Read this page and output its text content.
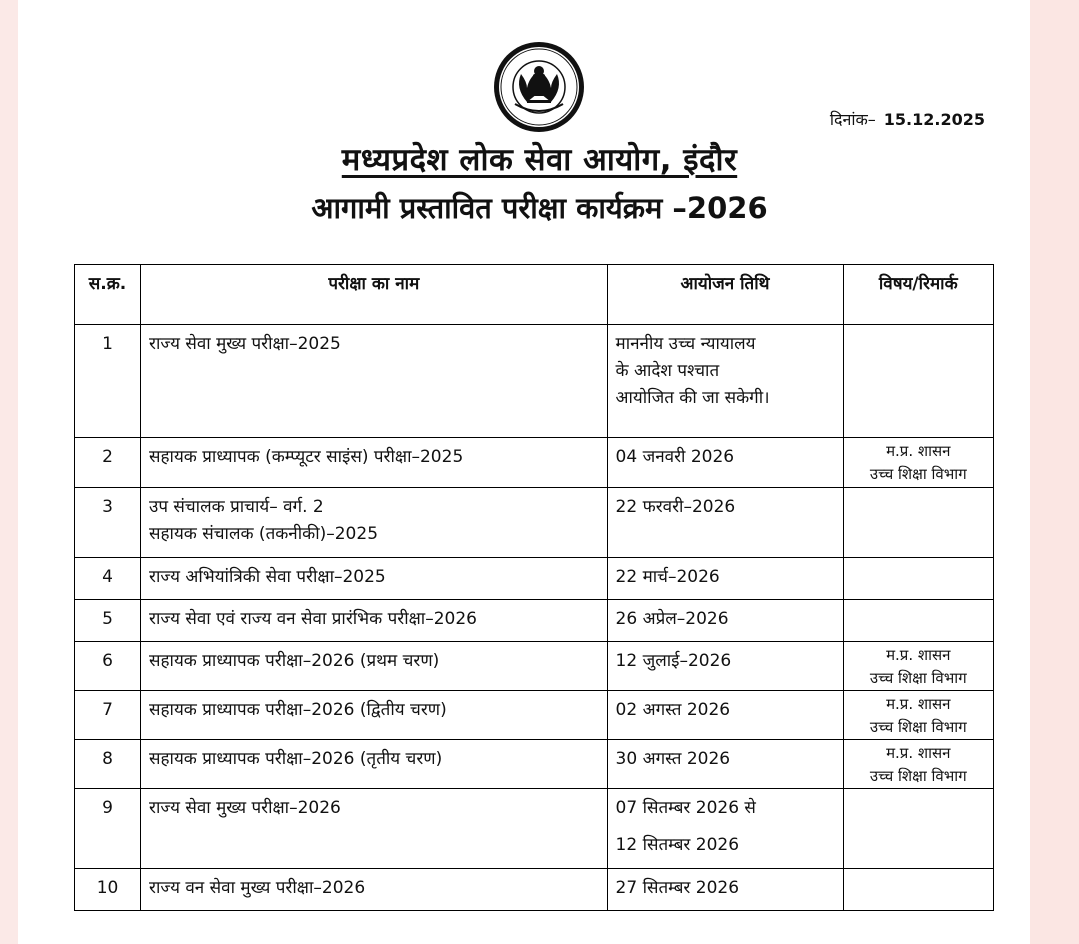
दिनांक– 15.12.2025
मध्यप्रदेश लोक सेवा आयोग, इंदौर
आगामी प्रस्तावित परीक्षा कार्यक्रम –2026
स.क्र.	परीक्षा का नाम	आयोजन तिथि	विषय/रिमार्क
1	राज्य सेवा मुख्य परीक्षा–2025	माननीय उच्च न्यायालय
के आदेश पश्चात
आयोजित की जा सकेगी।	

2	सहायक प्राध्यापक (कम्प्यूटर साइंस) परीक्षा–2025	04 जनवरी 2026	म.प्र. शासन
उच्च शिक्षा विभाग

3	उप संचालक प्राचार्य– वर्ग. 2
सहायक संचालक (तकनीकी)–2025	22 फरवरी–2026	

4	राज्य अभियांत्रिकी सेवा परीक्षा–2025	22 मार्च–2026	

5	राज्य सेवा एवं राज्य वन सेवा प्रारंभिक परीक्षा–2026	26 अप्रेल–2026	

6	सहायक प्राध्यापक परीक्षा–2026 (प्रथम चरण)	12 जुलाई–2026	म.प्र. शासन
उच्च शिक्षा विभाग

7	सहायक प्राध्यापक परीक्षा–2026 (द्वितीय चरण)	02 अगस्त 2026	म.प्र. शासन
उच्च शिक्षा विभाग

8	सहायक प्राध्यापक परीक्षा–2026 (तृतीय चरण)	30 अगस्त 2026	म.प्र. शासन
उच्च शिक्षा विभाग

9	राज्य सेवा मुख्य परीक्षा–2026	07 सितम्बर 2026 से
12 सितम्बर 2026	

10	राज्य वन सेवा मुख्य परीक्षा–2026	27 सितम्बर 2026	
